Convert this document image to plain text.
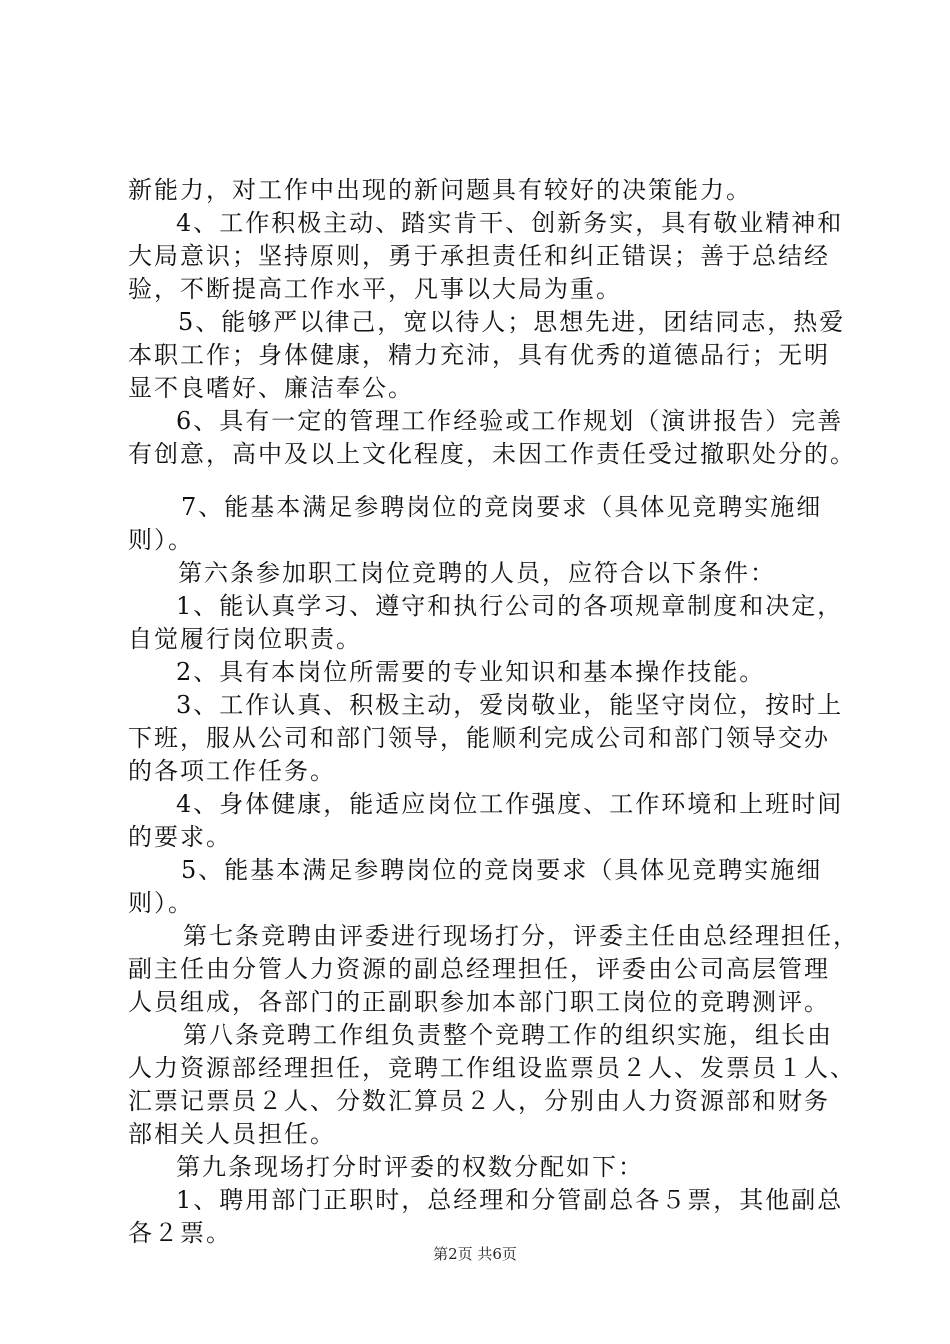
新能力，对工作中出现的新问题具有较好的决策能力。
4、工作积极主动、踏实肯干、创新务实，具有敬业精神和
大局意识；坚持原则，勇于承担责任和纠正错误；善于总结经
验，不断提高工作水平，凡事以大局为重。
5、能够严以律己，宽以待人；思想先进，团结同志，热爱
本职工作；身体健康，精力充沛，具有优秀的道德品行；无明
显不良嗜好、廉洁奉公。
6、具有一定的管理工作经验或工作规划（演讲报告）完善
有创意，高中及以上文化程度，未因工作责任受过撤职处分的。
7、能基本满足参聘岗位的竞岗要求（具体见竞聘实施细
则）。
第六条参加职工岗位竞聘的人员，应符合以下条件：
1、能认真学习、遵守和执行公司的各项规章制度和决定，
自觉履行岗位职责。
2、具有本岗位所需要的专业知识和基本操作技能。
3、工作认真、积极主动，爱岗敬业，能坚守岗位，按时上
下班，服从公司和部门领导，能顺利完成公司和部门领导交办
的各项工作任务。
4、身体健康，能适应岗位工作强度、工作环境和上班时间
的要求。
5、能基本满足参聘岗位的竞岗要求（具体见竞聘实施细
则）。
第七条竞聘由评委进行现场打分，评委主任由总经理担任，
副主任由分管人力资源的副总经理担任，评委由公司高层管理
人员组成，各部门的正副职参加本部门职工岗位的竞聘测评。
第八条竞聘工作组负责整个竞聘工作的组织实施，组长由
人力资源部经理担任，竞聘工作组设监票员２人、发票员１人、
汇票记票员２人、分数汇算员２人，分别由人力资源部和财务
部相关人员担任。
第九条现场打分时评委的权数分配如下：
1、聘用部门正职时，总经理和分管副总各５票，其他副总
各２票。
第2页 共6页
